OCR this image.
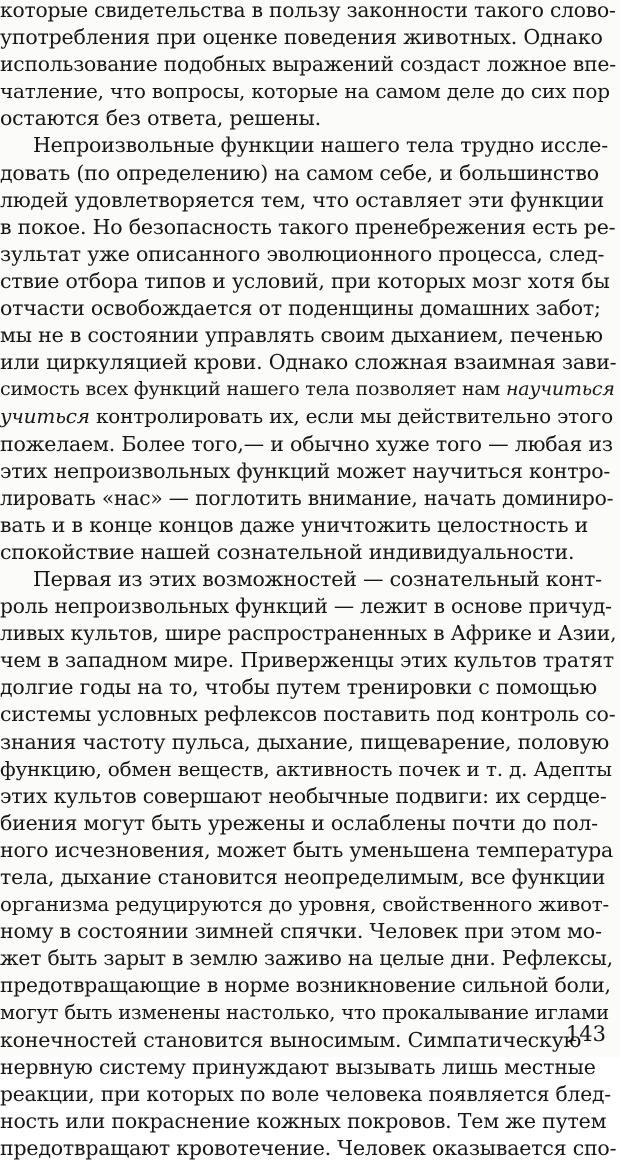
которые свидетельства в пользу законности такого слово-
употребления при оценке поведения животных. Однако
использование подобных выражений создаст ложное впе-
чатление, что вопросы, которые на самом деле до сих пор
остаются без ответа, решены.
Непроизвольные функции нашего тела трудно иссле-
довать (по определению) на самом себе, и большинство
людей удовлетворяется тем, что оставляет эти функции
в покое. Но безопасность такого пренебрежения есть ре-
зультат уже описанного эволюционного процесса, след-
ствие отбора типов и условий, при которых мозг хотя бы
отчасти освобождается от поденщины домашних забот;
мы не в состоянии управлять своим дыханием, печенью
или циркуляцией крови. Однако сложная взаимная зави-
симость всех функций нашего тела позволяет нам научиться
учиться контролировать их, если мы действительно этого
пожелаем. Более того,— и обычно хуже того — любая из
этих непроизвольных функций может научиться контро-
лировать «нас» — поглотить внимание, начать доминиро-
вать и в конце концов даже уничтожить целостность и
спокойствие нашей сознательной индивидуальности.
Первая из этих возможностей — сознательный конт-
роль непроизвольных функций — лежит в основе причуд-
ливых культов, шире распространенных в Африке и Азии,
чем в западном мире. Приверженцы этих культов тратят
долгие годы на то, чтобы путем тренировки с помощью
системы условных рефлексов поставить под контроль со-
знания частоту пульса, дыхание, пищеварение, половую
функцию, обмен веществ, активность почек и т. д. Адепты
этих культов совершают необычные подвиги: их сердце-
биения могут быть урежены и ослаблены почти до пол-
ного исчезновения, может быть уменьшена температура
тела, дыхание становится неопределимым, все функции
организма редуцируются до уровня, свойственного живот-
ному в состоянии зимней спячки. Человек при этом мо-
жет быть зарыт в землю заживо на целые дни. Рефлексы,
предотвращающие в норме возникновение сильной боли,
могут быть изменены настолько, что прокалывание иглами
конечностей становится выносимым. Симпатическую
нервную систему принуждают вызывать лишь местные
реакции, при которых по воле человека появляется блед-
ность или покраснение кожных покровов. Тем же путем
предотвращают кровотечение. Человек оказывается спо-
143
